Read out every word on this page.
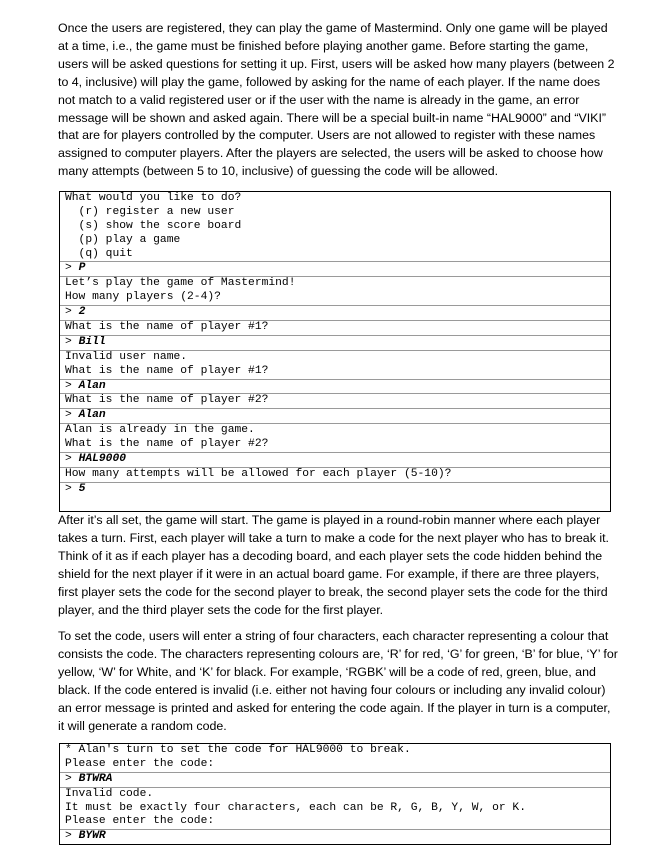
Once the users are registered, they can play the game of Mastermind. Only one game will be played at a time, i.e., the game must be finished before playing another game. Before starting the game, users will be asked questions for setting it up. First, users will be asked how many players (between 2 to 4, inclusive) will play the game, followed by asking for the name of each player. If the name does not match to a valid registered user or if the user with the name is already in the game, an error message will be shown and asked again. There will be a special built-in name “HAL9000” and “VIKI” that are for players controlled by the computer. Users are not allowed to register with these names assigned to computer players. After the players are selected, the users will be asked to choose how many attempts (between 5 to 10, inclusive) of guessing the code will be allowed.

What would you like to do?
(r) register a new user
(s) show the score board
(p) play a game
(q) quit
> P
Let’s play the game of Mastermind!
How many players (2-4)?
> 2
What is the name of player #1?
> Bill
Invalid user name.
What is the name of player #1?
> Alan
What is the name of player #2?
> Alan
Alan is already in the game.
What is the name of player #2?
> HAL9000
How many attempts will be allowed for each player (5-10)?
> 5

After it’s all set, the game will start. The game is played in a round-robin manner where each player takes a turn. First, each player will take a turn to make a code for the next player who has to break it. Think of it as if each player has a decoding board, and each player sets the code hidden behind the shield for the next player if it were in an actual board game. For example, if there are three players, first player sets the code for the second player to break, the second player sets the code for the third player, and the third player sets the code for the first player.

To set the code, users will enter a string of four characters, each character representing a colour that consists the code. The characters representing colours are, ‘R’ for red, ‘G’ for green, ‘B’ for blue, ‘Y’ for yellow, ‘W’ for White, and ‘K’ for black. For example, ‘RGBK’ will be a code of red, green, blue, and black. If the code entered is invalid (i.e. either not having four colours or including any invalid colour) an error message is printed and asked for entering the code again. If the player in turn is a computer, it will generate a random code.

* Alan's turn to set the code for HAL9000 to break.
Please enter the code:
> BTWRA
Invalid code.
It must be exactly four characters, each can be R, G, B, Y, W, or K.
Please enter the code:
> BYWR
